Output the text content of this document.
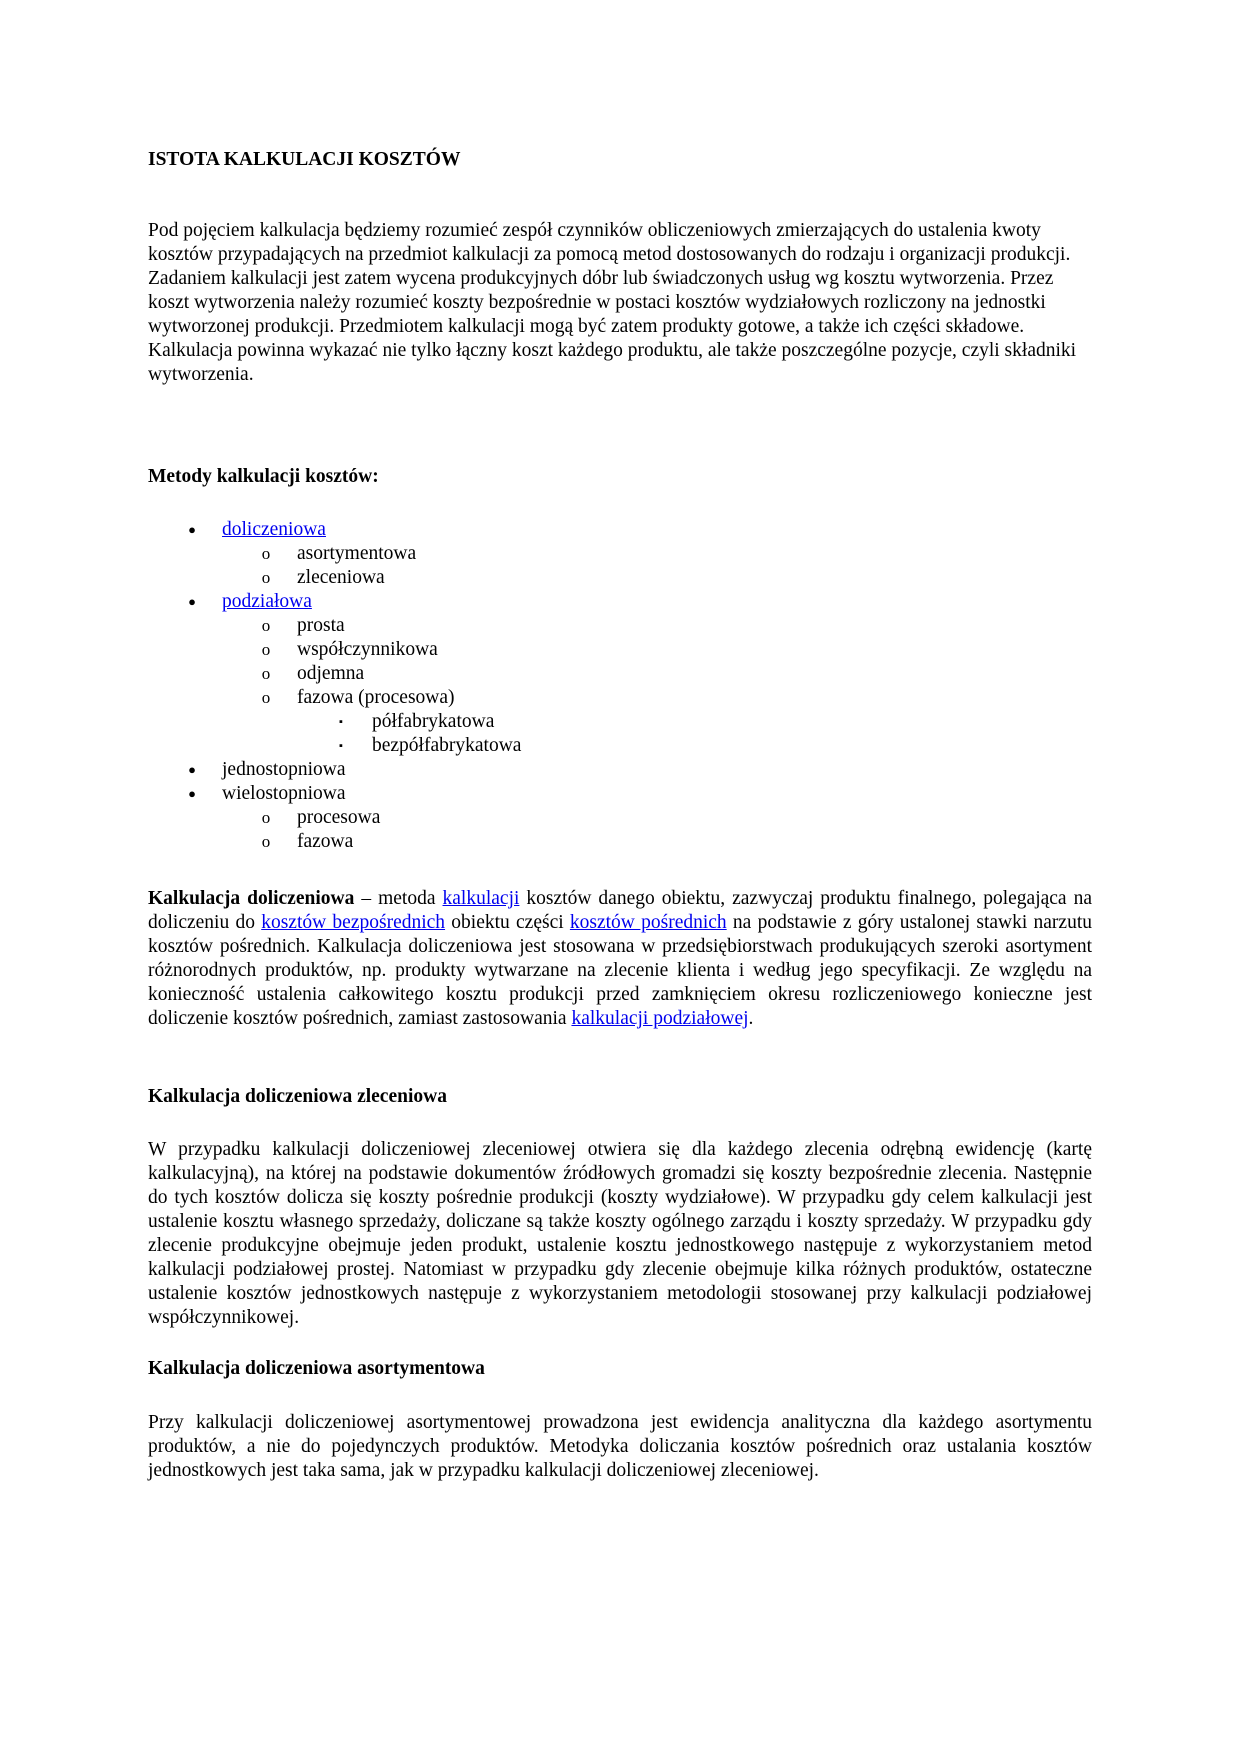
ISTOTA KALKULACJI KOSZTÓW

Pod pojęciem kalkulacja będziemy rozumieć zespół czynników obliczeniowych zmierzających do ustalenia kwoty kosztów przypadających na przedmiot kalkulacji za pomocą metod dostosowanych do rodzaju i organizacji produkcji.

Zadaniem kalkulacji jest zatem wycena produkcyjnych dóbr lub świadczonych usług wg kosztu wytworzenia. Przez koszt wytworzenia należy rozumieć koszty bezpośrednie w postaci kosztów wydziałowych rozliczony na jednostki wytworzonej produkcji. Przedmiotem kalkulacji mogą być zatem produkty gotowe, a także ich części składowe. Kalkulacja powinna wykazać nie tylko łączny koszt każdego produktu, ale także poszczególne pozycje, czyli składniki wytworzenia.

Metody kalkulacji kosztów:
●	doliczeniowa
o asortymentowa
o zleceniowa
●	podziałowa
o prosta
o współczynnikowa
o odjemna
o fazowa (procesowa)
▪	półfabrykatowa
▪	bezpółfabrykatowa
●	jednostopniowa
●	wielostopniowa
o procesowa
o fazowa

Kalkulacja doliczeniowa – metoda kalkulacji kosztów danego obiektu, zazwyczaj produktu finalnego, polegająca na doliczeniu do kosztów bezpośrednich obiektu części kosztów pośrednich na podstawie z góry ustalonej stawki narzutu kosztów pośrednich. Kalkulacja doliczeniowa jest stosowana w przedsiębiorstwach produkujących szeroki asortyment różnorodnych produktów, np. produkty wytwarzane na zlecenie klienta i według jego specyfikacji. Ze względu na konieczność ustalenia całkowitego kosztu produkcji przed zamknięciem okresu rozliczeniowego konieczne jest doliczenie kosztów pośrednich, zamiast zastosowania kalkulacji podziałowej.

Kalkulacja doliczeniowa zleceniowa

W przypadku kalkulacji doliczeniowej zleceniowej otwiera się dla każdego zlecenia odrębną ewidencję (kartę kalkulacyjną), na której na podstawie dokumentów źródłowych gromadzi się koszty bezpośrednie zlecenia. Następnie do tych kosztów dolicza się koszty pośrednie produkcji (koszty wydziałowe). W przypadku gdy celem kalkulacji jest ustalenie kosztu własnego sprzedaży, doliczane są także koszty ogólnego zarządu i koszty sprzedaży. W przypadku gdy zlecenie produkcyjne obejmuje jeden produkt, ustalenie kosztu jednostkowego następuje z wykorzystaniem metod kalkulacji podziałowej prostej. Natomiast w przypadku gdy zlecenie obejmuje kilka różnych produktów, ostateczne ustalenie kosztów jednostkowych następuje z wykorzystaniem metodologii stosowanej przy kalkulacji podziałowej współczynnikowej.

Kalkulacja doliczeniowa asortymentowa

Przy kalkulacji doliczeniowej asortymentowej prowadzona jest ewidencja analityczna dla każdego asortymentu produktów, a nie do pojedynczych produktów. Metodyka doliczania kosztów pośrednich oraz ustalania kosztów jednostkowych jest taka sama, jak w przypadku kalkulacji doliczeniowej zleceniowej.
